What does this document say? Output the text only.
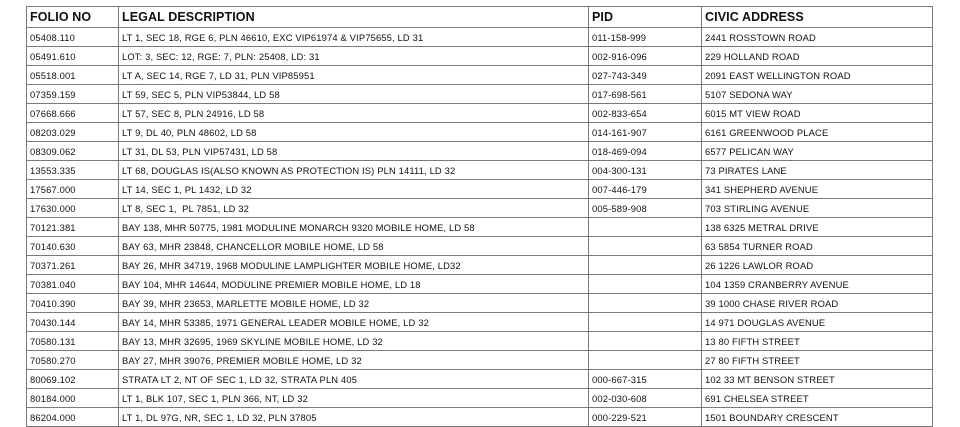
FOLIO NO	LEGAL DESCRIPTION	PID	CIVIC ADDRESS
05408.110	LT 1, SEC 18, RGE 6, PLN 46610, EXC VIP61974 & VIP75655, LD 31	011-158-999	2441 ROSSTOWN ROAD
05491.610	LOT: 3, SEC: 12, RGE: 7, PLN: 25408, LD: 31	002-916-096	229 HOLLAND ROAD
05518.001	LT A, SEC 14, RGE 7, LD 31, PLN VIP85951	027-743-349	2091 EAST WELLINGTON ROAD
07359.159	LT 59, SEC 5, PLN VIP53844, LD 58	017-698-561	5107 SEDONA WAY
07668.666	LT 57, SEC 8, PLN 24916, LD 58	002-833-654	6015 MT VIEW ROAD
08203.029	LT 9, DL 40, PLN 48602, LD 58	014-161-907	6161 GREENWOOD PLACE
08309.062	LT 31, DL 53, PLN VIP57431, LD 58	018-469-094	6577 PELICAN WAY
13553.335	LT 68, DOUGLAS IS(ALSO KNOWN AS PROTECTION IS) PLN 14111, LD 32	004-300-131	73 PIRATES LANE
17567.000	LT 14, SEC 1, PL 1432, LD 32	007-446-179	341 SHEPHERD AVENUE
17630.000	LT 8, SEC 1,  PL 7851, LD 32	005-589-908	703 STIRLING AVENUE
70121.381	BAY 138, MHR 50775, 1981 MODULINE MONARCH 9320 MOBILE HOME, LD 58		138 6325 METRAL DRIVE
70140.630	BAY 63, MHR 23848, CHANCELLOR MOBILE HOME, LD 58		63 5854 TURNER ROAD
70371.261	BAY 26, MHR 34719, 1968 MODULINE LAMPLIGHTER MOBILE HOME, LD32		26 1226 LAWLOR ROAD
70381.040	BAY 104, MHR 14644, MODULINE PREMIER MOBILE HOME, LD 18		104 1359 CRANBERRY AVENUE
70410.390	BAY 39, MHR 23653, MARLETTE MOBILE HOME, LD 32		39 1000 CHASE RIVER ROAD
70430.144	BAY 14, MHR 53385, 1971 GENERAL LEADER MOBILE HOME, LD 32		14 971 DOUGLAS AVENUE
70580.131	BAY 13, MHR 32695, 1969 SKYLINE MOBILE HOME, LD 32		13 80 FIFTH STREET
70580.270	BAY 27, MHR 39076, PREMIER MOBILE HOME, LD 32		27 80 FIFTH STREET
80069.102	STRATA LT 2, NT OF SEC 1, LD 32, STRATA PLN 405	000-667-315	102 33 MT BENSON STREET
80184.000	LT 1, BLK 107, SEC 1, PLN 366, NT, LD 32	002-030-608	691 CHELSEA STREET
86204.000	LT 1, DL 97G, NR, SEC 1, LD 32, PLN 37805	000-229-521	1501 BOUNDARY CRESCENT
